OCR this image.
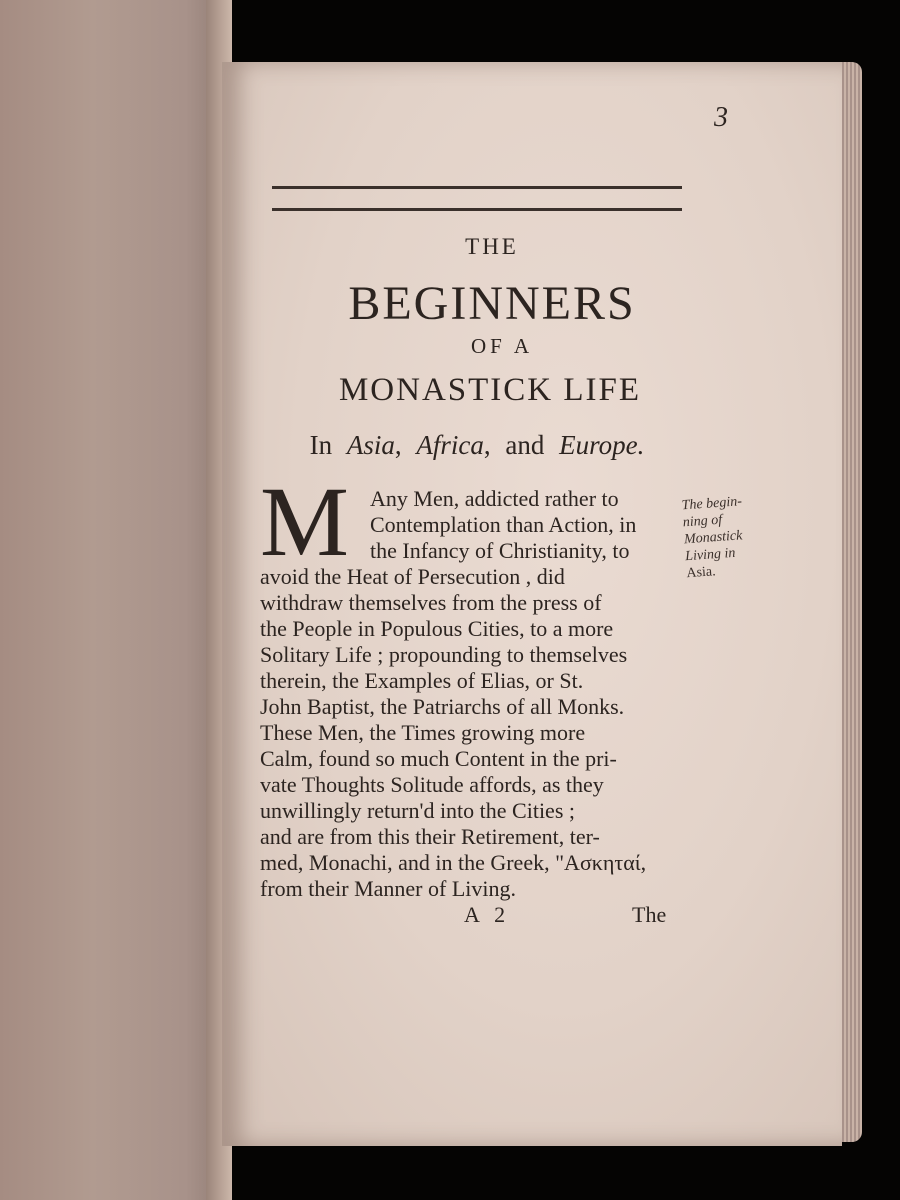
3
THE
BEGINNERS
OF A
MONASTICK LIFE
In Asia, Africa, and Europe.
M Any Men, addicted rather to
Contemplation than Action, in
the Infancy of Christianity, to
avoid the Heat of Persecution , did
withdraw themselves from the press of
the People in Populous Cities, to a more
Solitary Life ; propounding to themselves
therein, the Examples of Elias, or St.
John Baptist, the Patriarchs of all Monks.
These Men, the Times growing more
Calm, found so much Content in the pri-
vate Thoughts Solitude affords, as they
unwillingly return'd into the Cities ;
and are from this their Retirement, ter-
med, Monachi, and in the Greek, "Ασκηταί,
from their Manner of Living.
The begin-
ning of
Monastick
Living in
Asia.
A 2	The
